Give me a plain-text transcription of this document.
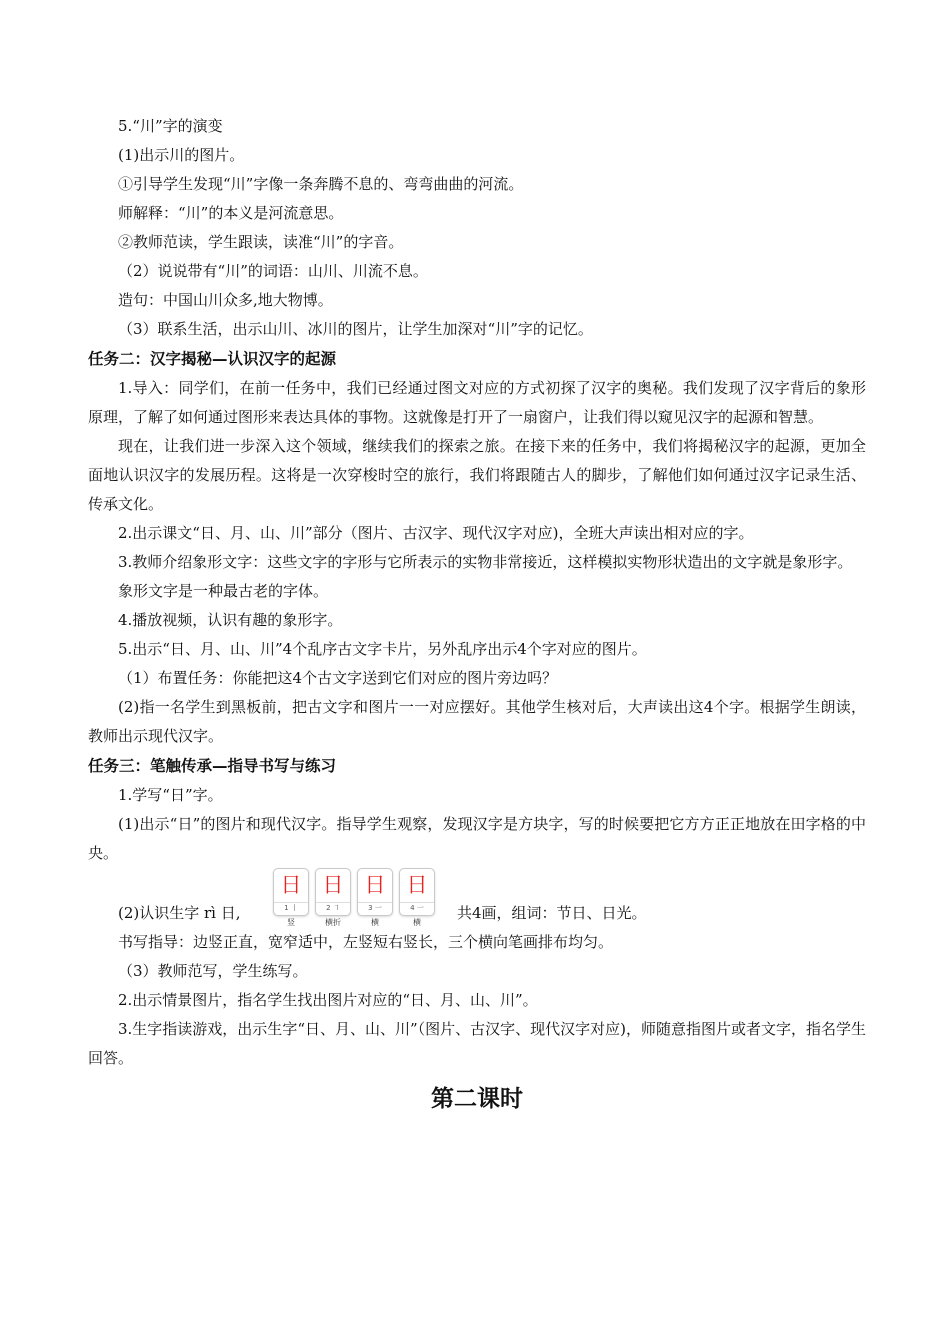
5.“川”字的演变

(1)出示川的图片。

①引导学生发现“川”字像一条奔腾不息的、弯弯曲曲的河流。

师解释：“川”的本义是河流意思。

②教师范读，学生跟读，读准“川”的字音。

（2）说说带有“川”的词语：山川、川流不息。

造句：中国山川众多,地大物博。

（3）联系生活，出示山川、冰川的图片，让学生加深对“川”字的记忆。

任务二：汉字揭秘—认识汉字的起源

1.导入：同学们，在前一任务中，我们已经通过图文对应的方式初探了汉字的奥秘。我们发现了汉字背后的象形原理，了解了如何通过图形来表达具体的事物。这就像是打开了一扇窗户，让我们得以窥见汉字的起源和智慧。

现在，让我们进一步深入这个领域，继续我们的探索之旅。在接下来的任务中，我们将揭秘汉字的起源，更加全面地认识汉字的发展历程。这将是一次穿梭时空的旅行，我们将跟随古人的脚步，了解他们如何通过汉字记录生活、传承文化。

2.出示课文“日、月、山、川”部分（图片、古汉字、现代汉字对应)，全班大声读出相对应的字。

3.教师介绍象形文字：这些文字的字形与它所表示的实物非常接近，这样模拟实物形状造出的文字就是象形字。

象形文字是一种最古老的字体。

4.播放视频，认识有趣的象形字。

5.出示“日、月、山、川”4个乱序古文字卡片，另外乱序出示4个字对应的图片。

（1）布置任务：你能把这4个古文字送到它们对应的图片旁边吗？

(2)指一名学生到黑板前，把古文字和图片一一对应摆好。其他学生核对后，大声读出这4个字。根据学生朗读，教师出示现代汉字。

任务三：笔触传承—指导书写与练习

1.学写“日”字。

(1)出示“日”的图片和现代汉字。指导学生观察，发现汉字是方块字，写的时候要把它方方正正地放在田字格的中央。

(2)认识生字 rì 日,
日
1 丨
竖
日
2 ㇕
横折
日
3 一
横
日
4 一
横
共4画，组词：节日、日光。

书写指导：边竖正直，宽窄适中，左竖短右竖长，三个横向笔画排布均匀。

（3）教师范写，学生练写。

2.出示情景图片，指名学生找出图片对应的“日、月、山、川”。

3.生字指读游戏，出示生字“日、月、山、川”（图片、古汉字、现代汉字对应)，师随意指图片或者文字，指名学生回答。

第二课时
